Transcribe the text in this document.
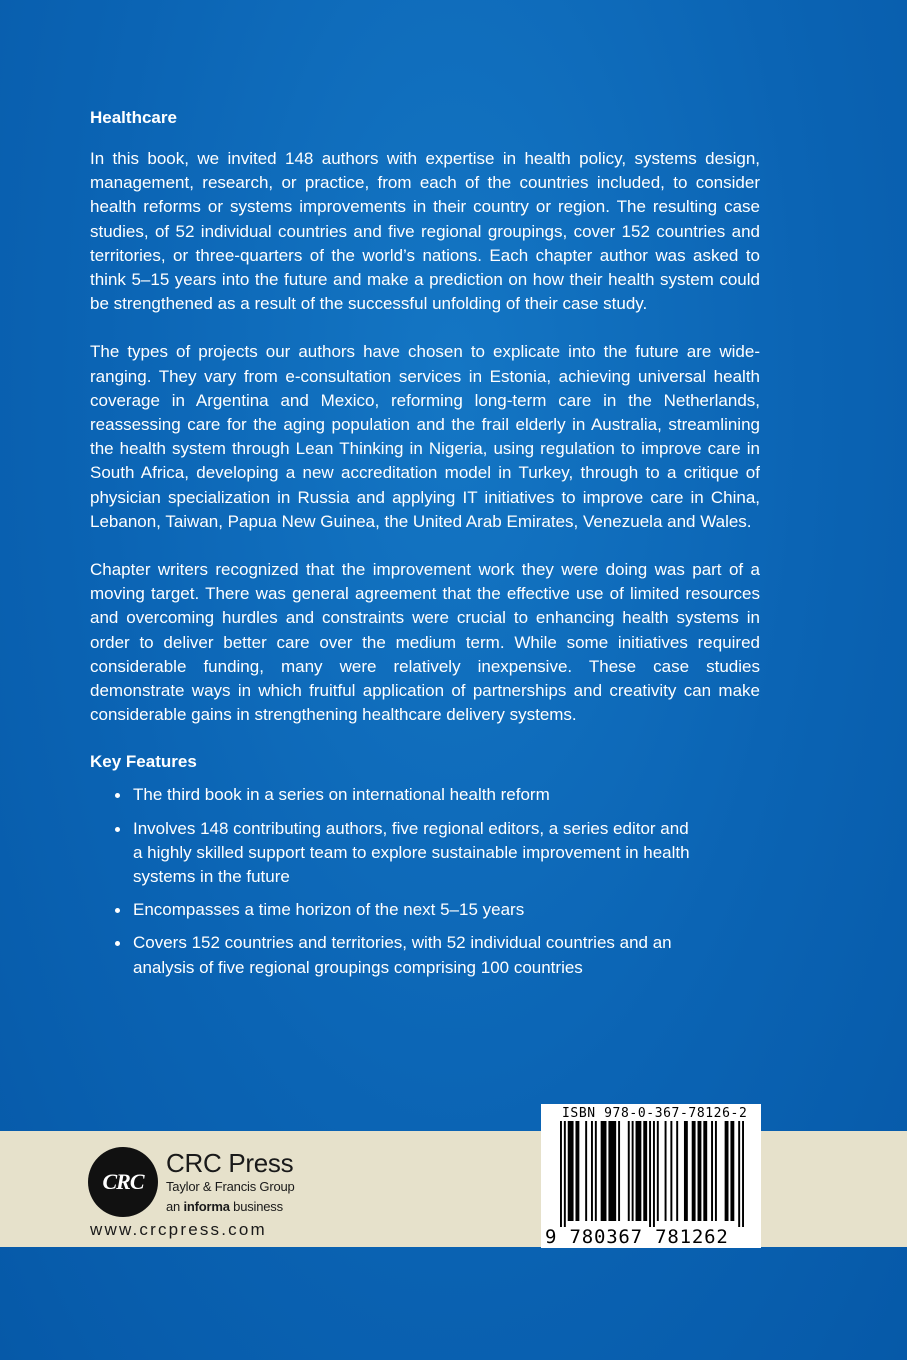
Healthcare

In this book, we invited 148 authors with expertise in health policy, systems design, management, research, or practice, from each of the countries included, to consider health reforms or systems improvements in their country or region. The resulting case studies, of 52 individual countries and five regional groupings, cover 152 countries and territories, or three-quarters of the world’s nations. Each chapter author was asked to think 5–15 years into the future and make a prediction on how their health system could be strengthened as a result of the successful unfolding of their case study.

The types of projects our authors have chosen to explicate into the future are wide-ranging. They vary from e-consultation services in Estonia, achieving universal health coverage in Argentina and Mexico, reforming long-term care in the Netherlands, reassessing care for the aging population and the frail elderly in Australia, streamlining the health system through Lean Thinking in Nigeria, using regulation to improve care in South Africa, developing a new accreditation model in Turkey, through to a critique of physician specialization in Russia and applying IT initiatives to improve care in China, Lebanon, Taiwan, Papua New Guinea, the United Arab Emirates, Venezuela and Wales.

Chapter writers recognized that the improvement work they were doing was part of a moving target. There was general agreement that the effective use of limited resources and overcoming hurdles and constraints were crucial to enhancing health systems in order to deliver better care over the medium term. While some initiatives required considerable funding, many were relatively inexpensive. These case studies demonstrate ways in which fruitful application of partnerships and creativity can make considerable gains in strengthening healthcare delivery systems.

Key Features
The third book in a series on international health reform
Involves 148 contributing authors, five regional editors, a series editor and a highly skilled support team to explore sustainable improvement in health systems in the future
Encompasses a time horizon of the next 5–15 years
Covers 152 countries and territories, with 52 individual countries and an analysis of five regional groupings comprising 100 countries
CRC
CRC Press
Taylor & Francis Group
an informa business
www.crcpress.com
ISBN 978-0-367-78126-2
9 780367 781262
